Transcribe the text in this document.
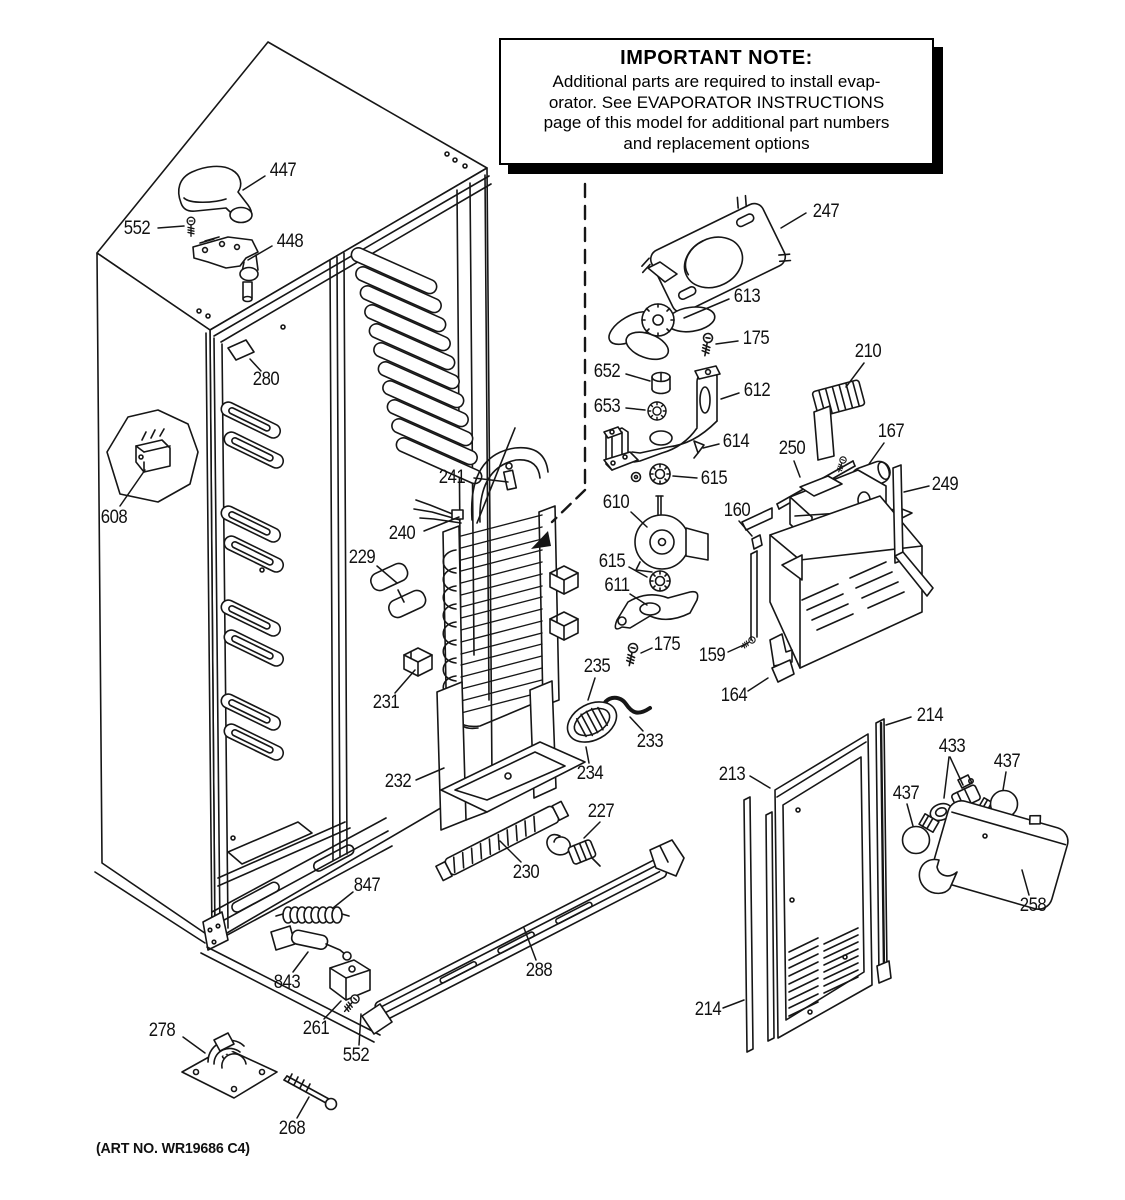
IMPORTANT NOTE:
Additional parts are required to install evap-
orator. See EVAPORATOR INSTRUCTIONS
page of this model for additional part numbers
and replacement options
447
552
448
280
608
241
240
229
231
232
230
227
234
233
235
288
847
843
261
552
278
268
247
613
175
652
653
612
614
615
610
615
611
175
210
250
167
249
160
159
164
214
213
433
437
437
258
214
(ART NO. WR19686 C4)
